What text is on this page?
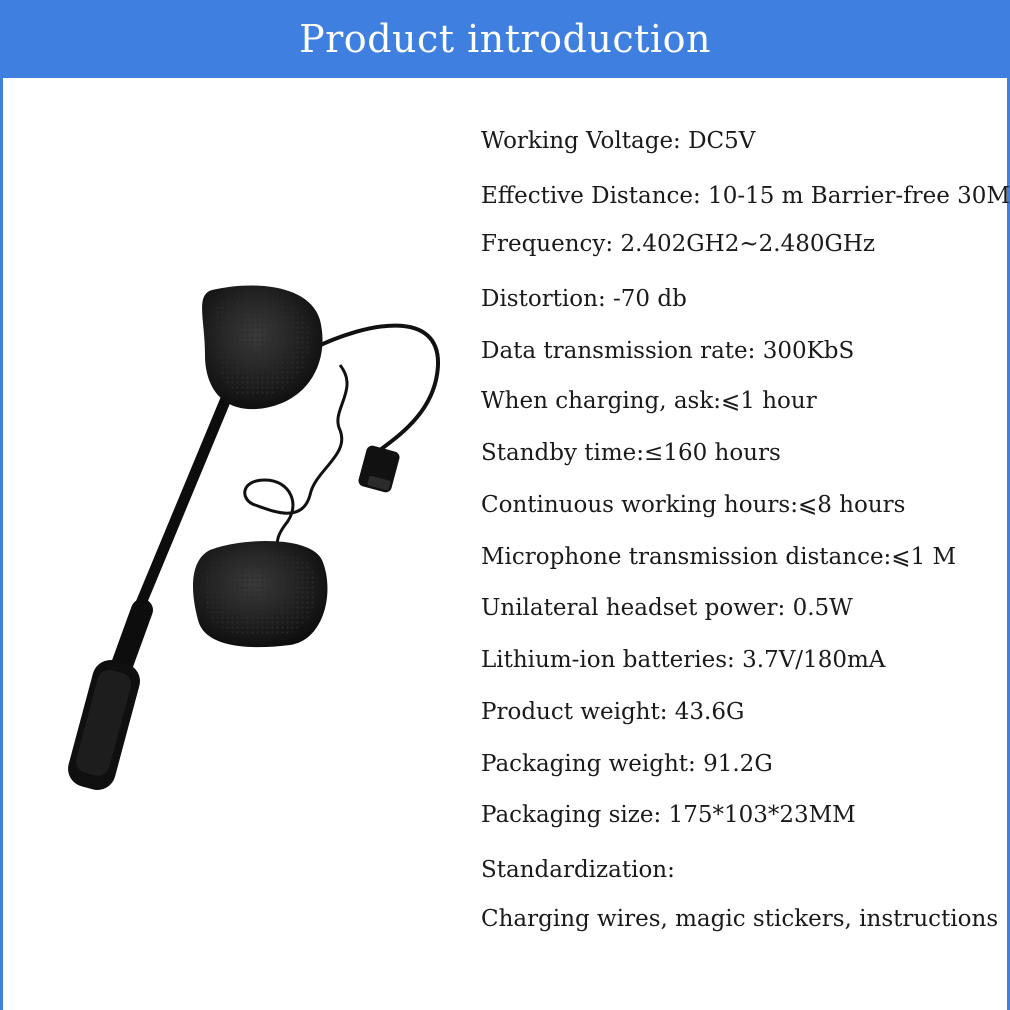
Product introduction
Working Voltage: DC5V
Effective Distance: 10-15 m Barrier-free 30M
Frequency: 2.402GH2~2.480GHz
Distortion: -70 db
Data transmission rate: 300KbS
When charging, ask:⩽1 hour
Standby time:≤160 hours
Continuous working hours:⩽8 hours
Microphone transmission distance:⩽1 M
Unilateral headset power: 0.5W
Lithium-ion batteries: 3.7V/180mA
Product weight: 43.6G
Packaging weight: 91.2G
Packaging size: 175*103*23MM
Standardization:
Charging wires, magic stickers, instructions
